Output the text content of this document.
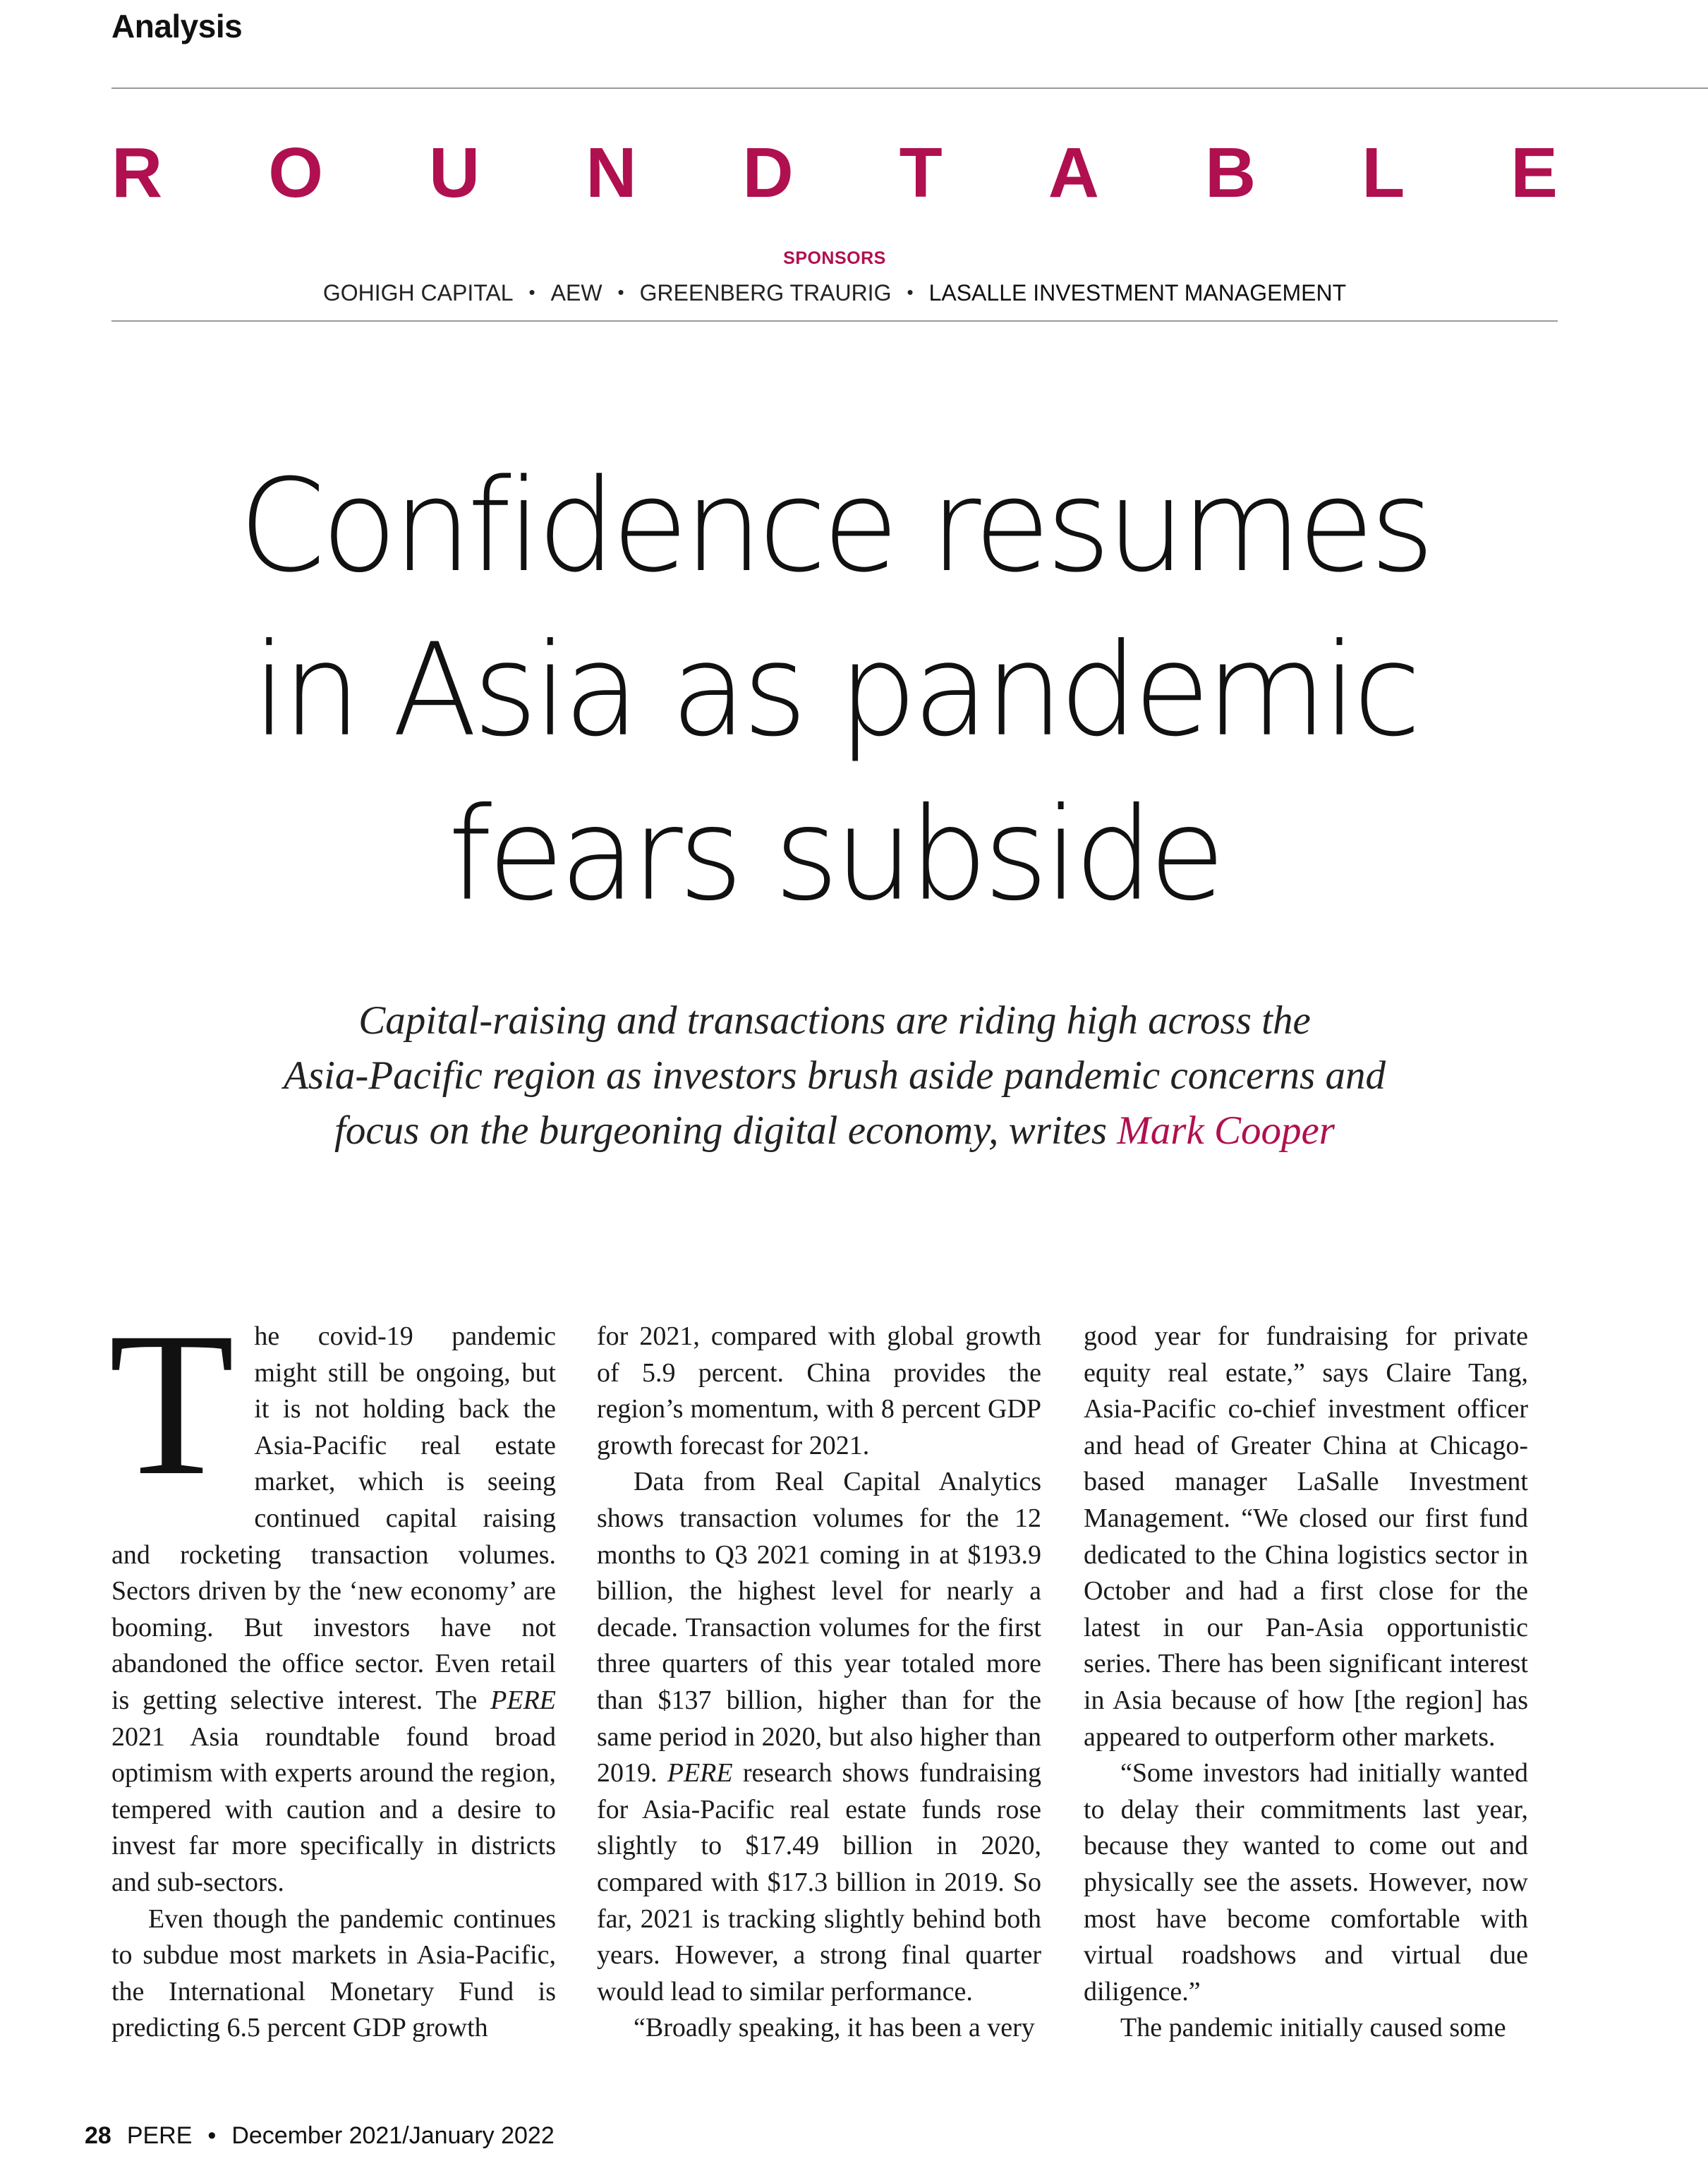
Analysis
R O U N D T A B L E
SPONSORS
GOHIGH CAPITAL • AEW • GREENBERG TRAURIG • LASALLE INVESTMENT MANAGEMENT
Confidence resumes
in Asia as pandemic
fears subside
Capital-raising and transactions are riding high across the
Asia-Pacific region as investors brush aside pandemic concerns and
focus on the burgeoning digital economy, writes Mark Cooper

The covid-19 pandemic might still be ongoing, but it is not holding back the Asia-Pacific real estate market, which is seeing continued capital raising and rocketing transaction volumes. Sectors driven by the ‘new economy’ are booming. But investors have not abandoned the office sector. Even retail is getting selective interest. The PERE 2021 Asia roundtable found broad optimism with experts around the region, tempered with caution and a desire to invest far more specifically in districts and sub-sectors.

Even though the pandemic continues to subdue most markets in Asia-Pacific, the International Monetary Fund is predicting 6.5 percent GDP growth

for 2021, compared with global growth of 5.9 percent. China provides the region’s momentum, with 8 percent GDP growth forecast for 2021.

Data from Real Capital Analytics shows transaction volumes for the 12 months to Q3 2021 coming in at $193.9 billion, the highest level for nearly a decade. Transaction volumes for the first three quarters of this year totaled more than $137 billion, higher than for the same period in 2020, but also higher than 2019. PERE research shows fundraising for Asia-Pacific real estate funds rose slightly to $17.49 billion in 2020, compared with $17.3 billion in 2019. So far, 2021 is tracking slightly behind both years. However, a strong final quarter would lead to similar performance.

“Broadly speaking, it has been a very

good year for fundraising for private equity real estate,” says Claire Tang, Asia-Pacific co-chief investment officer and head of Greater China at Chicago-based manager LaSalle Investment Management. “We closed our first fund dedicated to the China logistics sector in October and had a first close for the latest in our Pan-Asia opportunistic series. There has been significant interest in Asia because of how [the region] has appeared to outperform other markets.

“Some investors had initially wanted to delay their commitments last year, because they wanted to come out and physically see the assets. However, now most have become comfortable with virtual roadshows and virtual due diligence.”

The pandemic initially caused some

28 PERE • December 2021/January 2022
